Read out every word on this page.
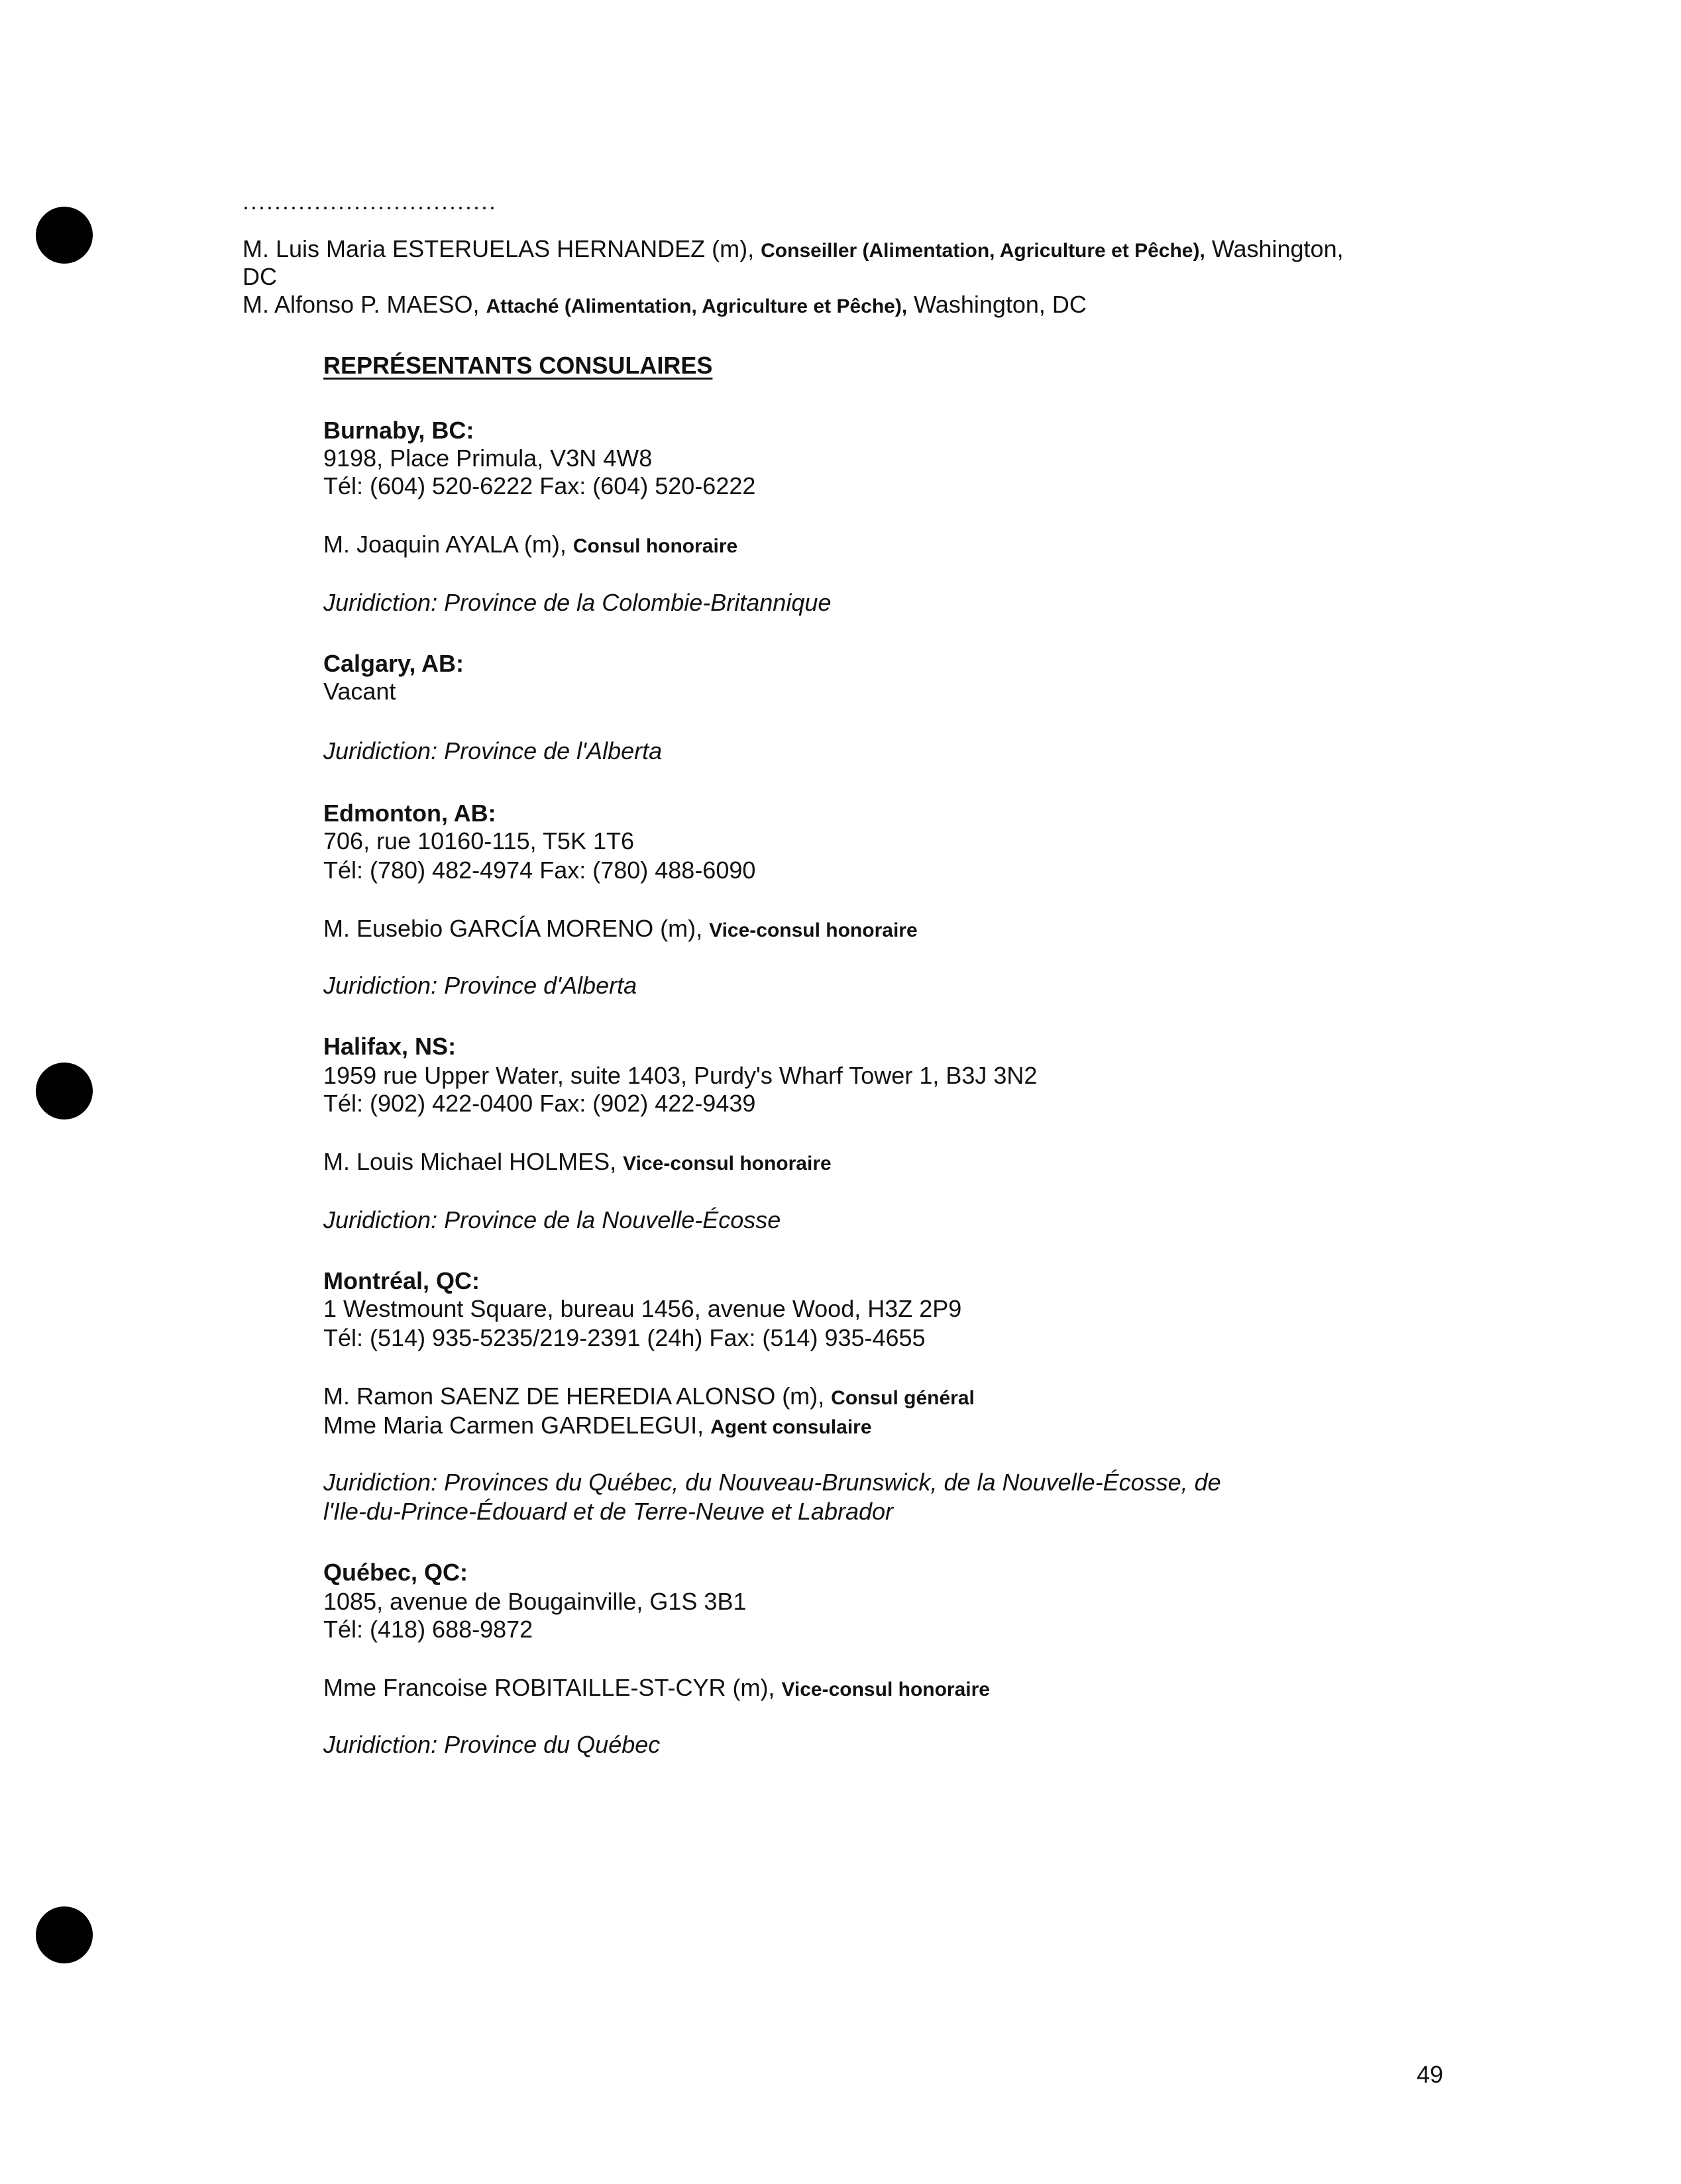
................................
M. Luis Maria ESTERUELAS HERNANDEZ (m), Conseiller (Alimentation, Agriculture et Pêche), Washington,
DC
M. Alfonso P. MAESO, Attaché (Alimentation, Agriculture et Pêche), Washington, DC
REPRÉSENTANTS CONSULAIRES
Burnaby, BC:
9198, Place Primula, V3N 4W8
Tél: (604) 520-6222 Fax: (604) 520-6222
M. Joaquin AYALA (m), Consul honoraire
Juridiction: Province de la Colombie-Britannique
Calgary, AB:
Vacant
Juridiction: Province de l'Alberta
Edmonton, AB:
706, rue 10160-115, T5K 1T6
Tél: (780) 482-4974 Fax: (780) 488-6090
M. Eusebio GARCÍA MORENO (m), Vice-consul honoraire
Juridiction: Province d'Alberta
Halifax, NS:
1959 rue Upper Water, suite 1403, Purdy's Wharf Tower 1, B3J 3N2
Tél: (902) 422-0400 Fax: (902) 422-9439
M. Louis Michael HOLMES, Vice-consul honoraire
Juridiction: Province de la Nouvelle-Écosse
Montréal, QC:
1 Westmount Square, bureau 1456, avenue Wood, H3Z 2P9
Tél: (514) 935-5235/219-2391 (24h) Fax: (514) 935-4655
M. Ramon SAENZ DE HEREDIA ALONSO (m), Consul général
Mme Maria Carmen GARDELEGUI, Agent consulaire
Juridiction: Provinces du Québec, du Nouveau-Brunswick, de la Nouvelle-Écosse, de
l'Ile-du-Prince-Édouard et de Terre-Neuve et Labrador
Québec, QC:
1085, avenue de Bougainville, G1S 3B1
Tél: (418) 688-9872
Mme Francoise ROBITAILLE-ST-CYR (m), Vice-consul honoraire
Juridiction: Province du Québec
49
